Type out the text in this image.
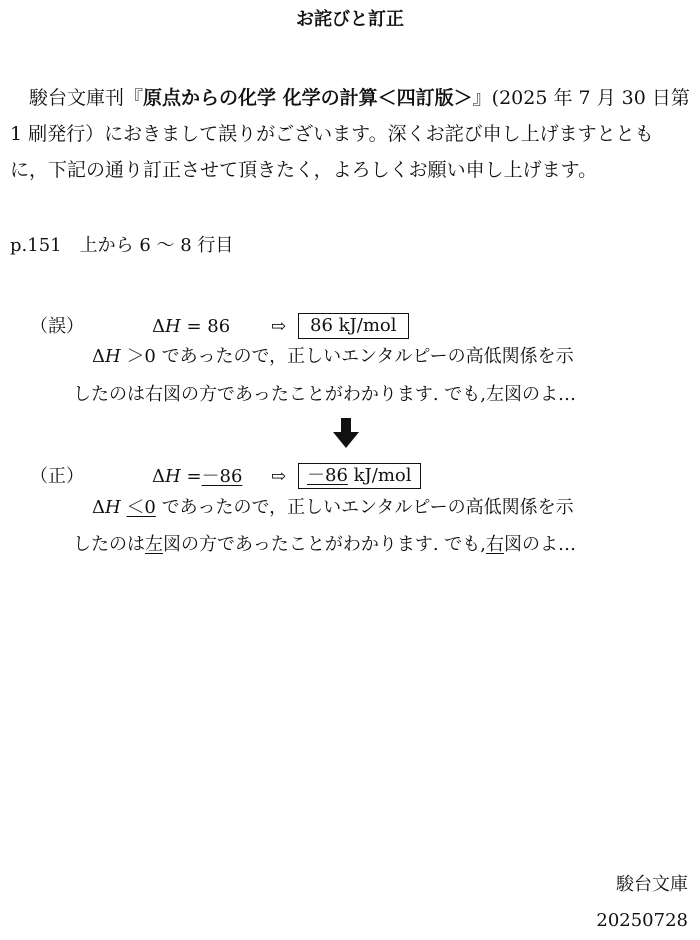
お詫びと訂正
　駿台文庫刊『原点からの化学 化学の計算＜四訂版＞』(2025 年 7 月 30 日第 1 刷発行）におきまして誤りがございます。深くお詫び申し上げますとともに，下記の通り訂正させて頂きたく，よろしくお願い申し上げます。
p.151　上から 6 ～ 8 行目
（誤）	ΔH = 86 ⇨	86 kJ/mol
ΔH ＞0 であったので，正しいエンタルピーの高低関係を示
したのは右図の方であったことがわかります. でも,左図のよ…
（正）	ΔH =－86 ⇨	－86 kJ/mol
ΔH ＜0 であったので，正しいエンタルピーの高低関係を示
したのは左図の方であったことがわかります. でも,右図のよ…
駿台文庫
20250728
